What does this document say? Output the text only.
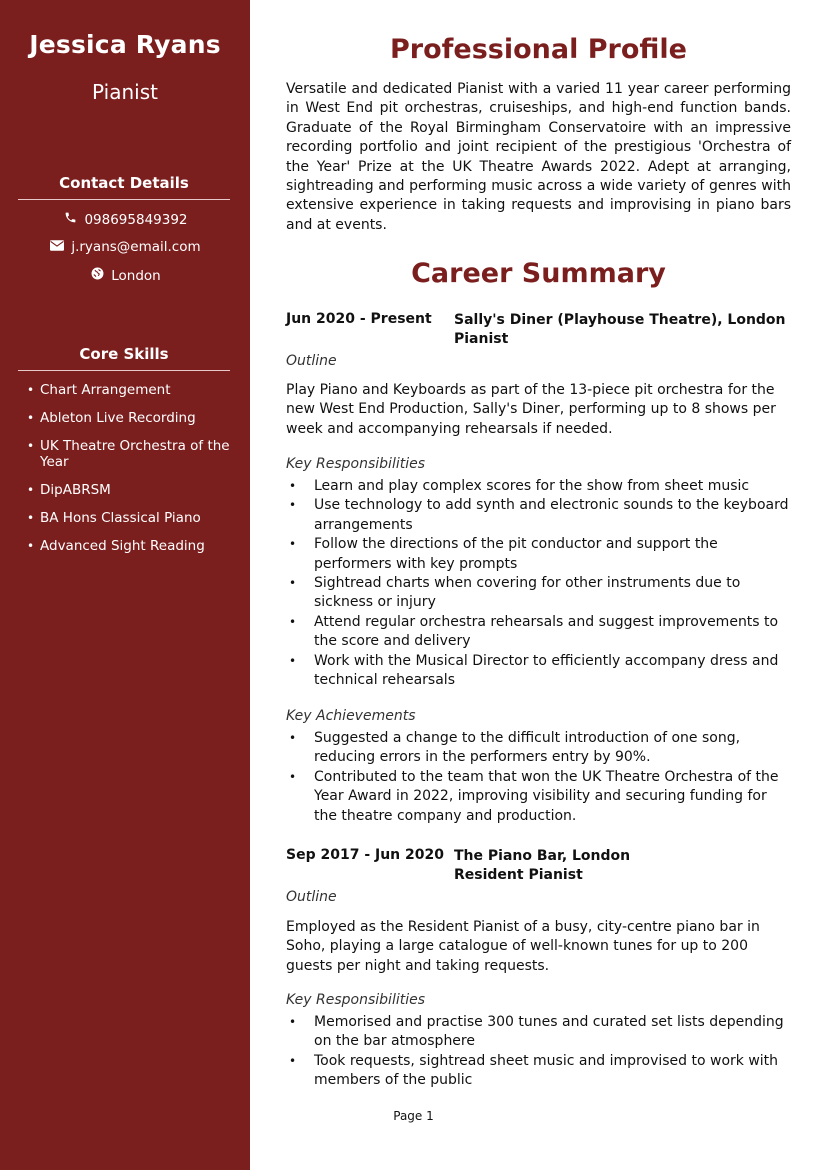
Jessica Ryans
Pianist
Contact Details
098695849392
j.ryans@email.com
London
Core Skills
• Chart Arrangement
• Ableton Live Recording
• UK Theatre Orchestra of the Year
• DipABRSM
• BA Hons Classical Piano
• Advanced Sight Reading
Professional Profile

Versatile and dedicated Pianist with a varied 11 year career performing in West End pit orchestras, cruiseships, and high-end function bands. Graduate of the Royal Birmingham Conservatoire with an impressive recording portfolio and joint recipient of the prestigious 'Orchestra of the Year' Prize at the UK Theatre Awards 2022. Adept at arranging, sightreading and performing music across a wide variety of genres with extensive experience in taking requests and improvising in piano bars and at events.

Career Summary
Jun 2020 - Present Sally's Diner (Playhouse Theatre), London
Pianist
Outline

Play Piano and Keyboards as part of the 13-piece pit orchestra for the new West End Production, Sally's Diner, performing up to 8 shows per week and accompanying rehearsals if needed.

Key Responsibilities
• Learn and play complex scores for the show from sheet music
• Use technology to add synth and electronic sounds to the keyboard arrangements
• Follow the directions of the pit conductor and support the performers with key prompts
• Sightread charts when covering for other instruments due to sickness or injury
• Attend regular orchestra rehearsals and suggest improvements to the score and delivery
• Work with the Musical Director to efficiently accompany dress and technical rehearsals
Key Achievements
• Suggested a change to the difficult introduction of one song, reducing errors in the performers entry by 90%.
• Contributed to the team that won the UK Theatre Orchestra of the Year Award in 2022, improving visibility and securing funding for the theatre company and production.
Sep 2017 - Jun 2020 The Piano Bar, London
Resident Pianist
Outline

Employed as the Resident Pianist of a busy, city-centre piano bar in Soho, playing a large catalogue of well-known tunes for up to 200 guests per night and taking requests.

Key Responsibilities
• Memorised and practise 300 tunes and curated set lists depending on the bar atmosphere
• Took requests, sightread sheet music and improvised to work with members of the public
Page 1
